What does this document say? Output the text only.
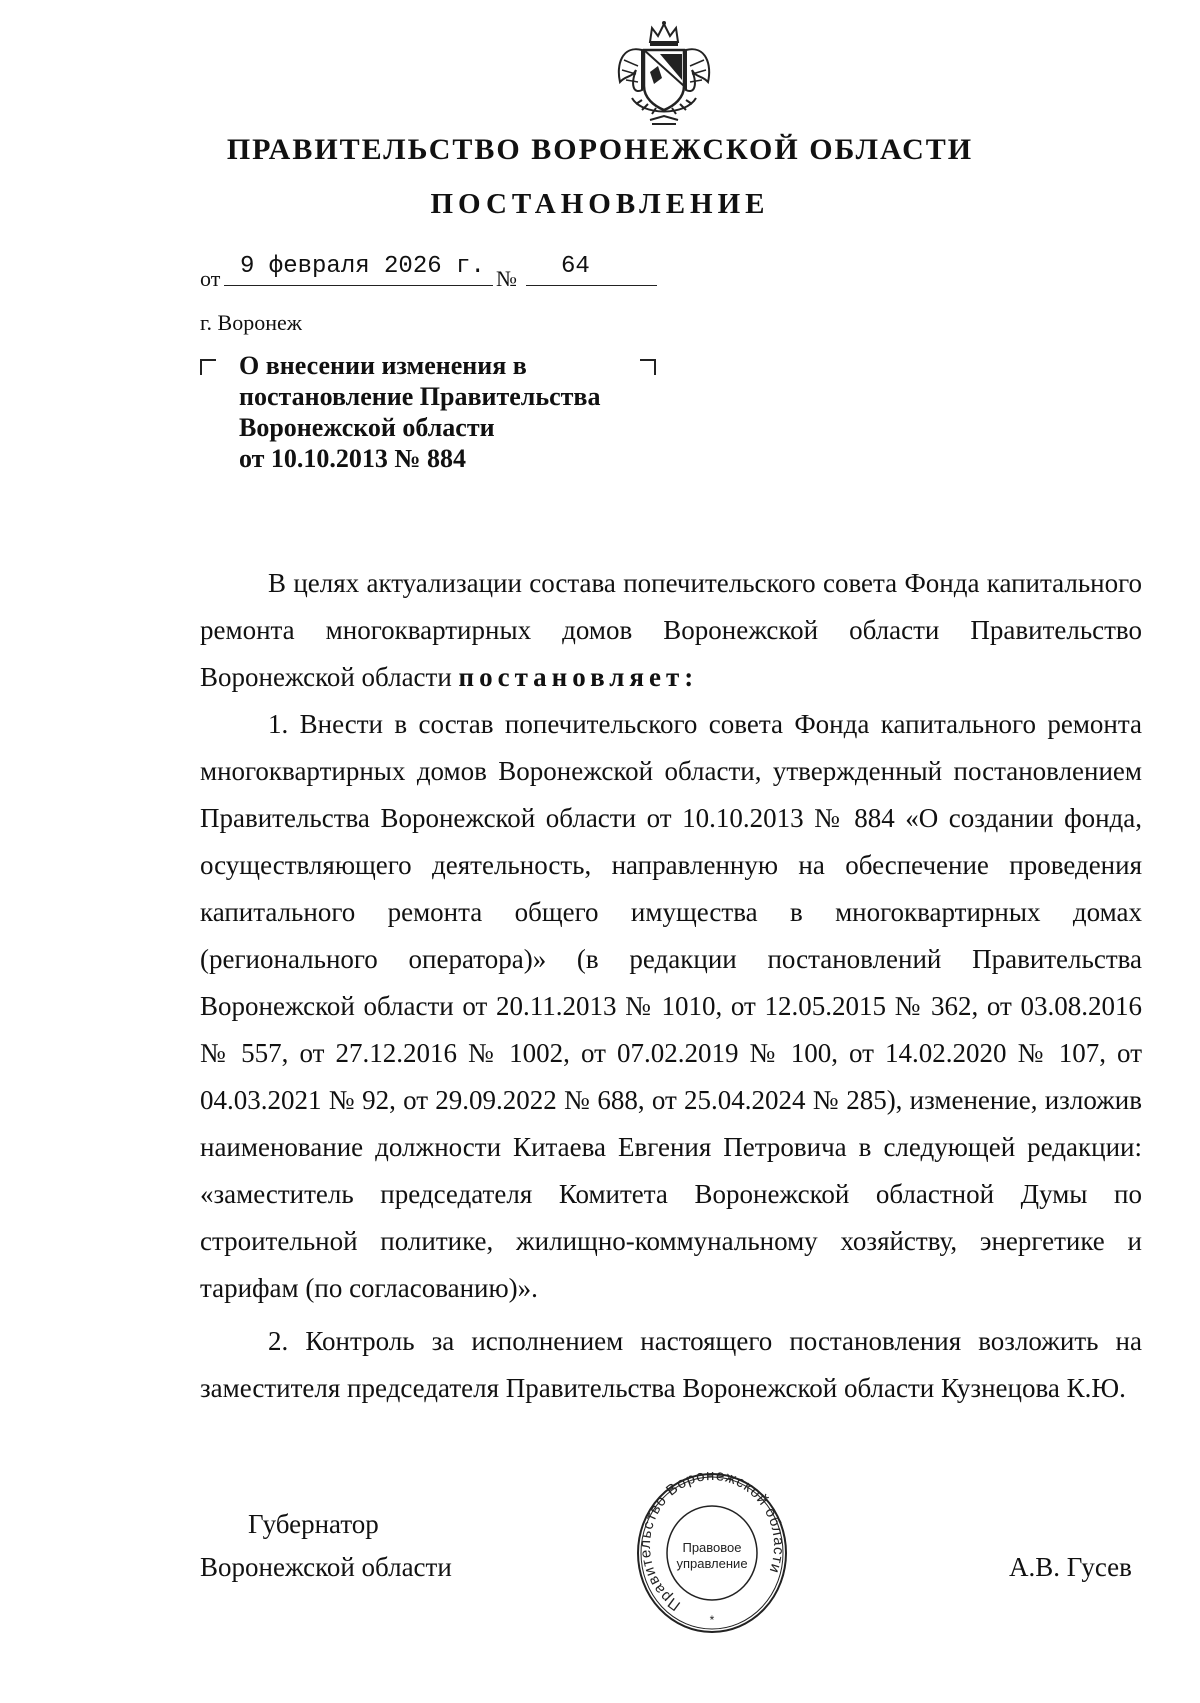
ПРАВИТЕЛЬСТВО ВОРОНЕЖСКОЙ ОБЛАСТИ
ПОСТАНОВЛЕНИЕ
от 9 февраля 2026 г. № 64
г. Воронеж
О внесении изменения в
постановление Правительства
Воронежской области
от 10.10.2013 № 884

В целях актуализации состава попечительского совета Фонда капитального ремонта многоквартирных домов Воронежской области Правительство Воронежской области постановляет:

1. Внести в состав попечительского совета Фонда капитального ремонта многоквартирных домов Воронежской области, утвержденный постановлением Правительства Воронежской области от 10.10.2013 № 884 «О создании фонда, осуществляющего деятельность, направленную на обеспечение проведения капитального ремонта общего имущества в многоквартирных домах (регионального оператора)» (в редакции постановлений Правительства Воронежской области от 20.11.2013 № 1010, от 12.05.2015 № 362, от 03.08.2016 № 557, от 27.12.2016 № 1002, от 07.02.2019 № 100, от 14.02.2020 № 107, от 04.03.2021 № 92, от 29.09.2022 № 688, от 25.04.2024 № 285), изменение, изложив наименование должности Китаева Евгения Петровича в следующей редакции: «заместитель председателя Комитета Воронежской областной Думы по строительной политике, жилищно-коммунальному хозяйству, энергетике и тарифам (по согласованию)».

2. Контроль за исполнением настоящего постановления возложить на заместителя председателя Правительства Воронежской области Кузнецова К.Ю.

Губернатор
Воронежской области	А.В. Гусев
Правительство Воронежской области
Правовое
управление
*
